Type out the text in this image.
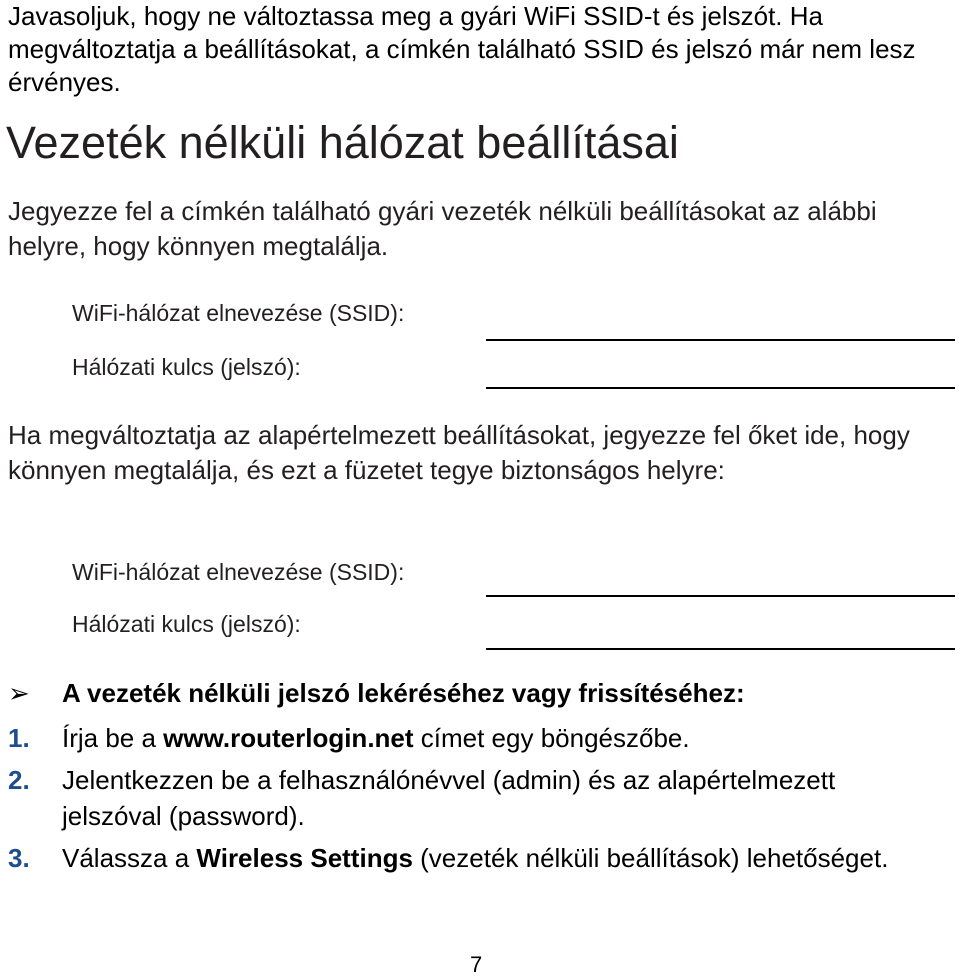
Javasoljuk, hogy ne változtassa meg a gyári WiFi SSID-t és jelszót. Ha megváltoztatja a beállításokat, a címkén található SSID és jelszó már nem lesz érvényes.
Vezeték nélküli hálózat beállításai
Jegyezze fel a címkén található gyári vezeték nélküli beállításokat az alábbi helyre, hogy könnyen megtalálja.
WiFi-hálózat elnevezése (SSID):
Hálózati kulcs (jelszó):
Ha megváltoztatja az alapértelmezett beállításokat, jegyezze fel őket ide, hogy könnyen megtalálja, és ezt a füzetet tegye biztonságos helyre:
WiFi-hálózat elnevezése (SSID):
Hálózati kulcs (jelszó):
➢ A vezeték nélküli jelszó lekéréséhez vagy frissítéséhez:
1. Írja be a www.routerlogin.net címet egy böngészőbe.
2. Jelentkezzen be a felhasználónévvel (admin) és az alapértelmezett jelszóval (password).
3. Válassza a Wireless Settings (vezeték nélküli beállítások) lehetőséget.
7
